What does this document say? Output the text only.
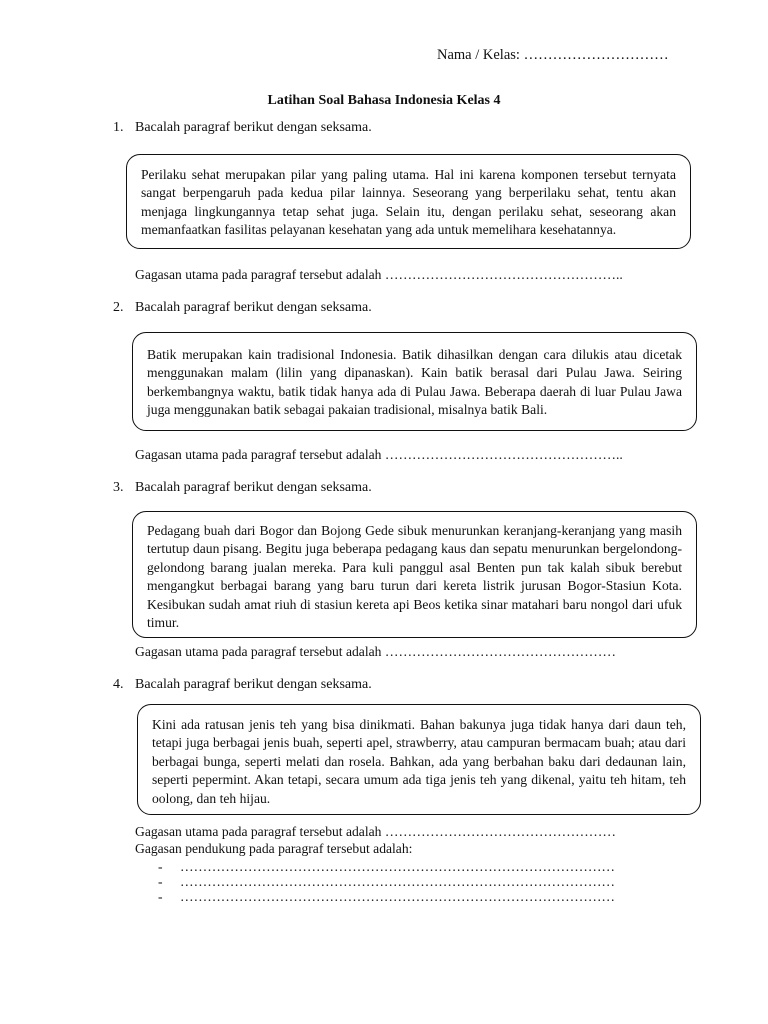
Nama / Kelas: …………………………
Latihan Soal Bahasa Indonesia Kelas 4
1. Bacalah paragraf berikut dengan seksama.
Perilaku sehat merupakan pilar yang paling utama. Hal ini karena komponen tersebut ternyata sangat berpengaruh pada kedua pilar lainnya. Seseorang yang berperilaku sehat, tentu akan menjaga lingkungannya tetap sehat juga. Selain itu, dengan perilaku sehat, seseorang akan memanfaatkan fasilitas pelayanan kesehatan yang ada untuk memelihara kesehatannya.
Gagasan utama pada paragraf tersebut adalah ……………………………………………..
2. Bacalah paragraf berikut dengan seksama.
Batik merupakan kain tradisional Indonesia. Batik dihasilkan dengan cara dilukis atau dicetak menggunakan malam (lilin yang dipanaskan). Kain batik berasal dari Pulau Jawa. Seiring berkembangnya waktu, batik tidak hanya ada di Pulau Jawa. Beberapa daerah di luar Pulau Jawa juga menggunakan batik sebagai pakaian tradisional, misalnya batik Bali.
Gagasan utama pada paragraf tersebut adalah ……………………………………………..
3. Bacalah paragraf berikut dengan seksama.
Pedagang buah dari Bogor dan Bojong Gede sibuk menurunkan keranjang-keranjang yang masih tertutup daun pisang. Begitu juga beberapa pedagang kaus dan sepatu menurunkan bergelondong-gelondong barang jualan mereka. Para kuli panggul asal Benten pun tak kalah sibuk berebut mengangkut berbagai barang yang baru turun dari kereta listrik jurusan Bogor-Stasiun Kota. Kesibukan sudah amat riuh di stasiun kereta api Beos ketika sinar matahari baru nongol dari ufuk timur.
Gagasan utama pada paragraf tersebut adalah ……………………………………………
4. Bacalah paragraf berikut dengan seksama.
Kini ada ratusan jenis teh yang bisa dinikmati. Bahan bakunya juga tidak hanya dari daun teh, tetapi juga berbagai jenis buah, seperti apel, strawberry, atau campuran bermacam buah; atau dari berbagai bunga, seperti melati dan rosela. Bahkan, ada yang berbahan baku dari dedaunan lain, seperti pepermint. Akan tetapi, secara umum ada tiga jenis teh yang dikenal, yaitu teh hitam, teh oolong, dan teh hijau.
Gagasan utama pada paragraf tersebut adalah ……………………………………………
Gagasan pendukung pada paragraf tersebut adalah:
- ……………………………………………………………………………………
- ……………………………………………………………………………………
- ……………………………………………………………………………………
